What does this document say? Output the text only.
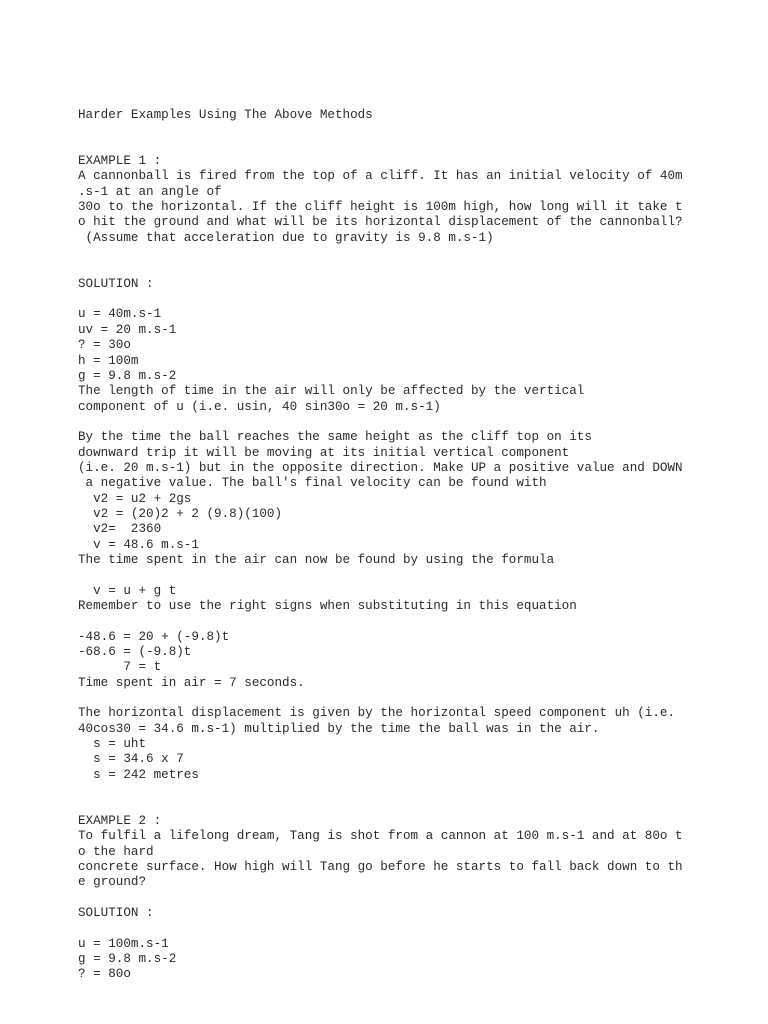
Harder Examples Using The Above Methods
EXAMPLE 1 :
A cannonball is fired from the top of a cliff. It has an initial velocity of 40m
.s-1 at an angle of
30o to the horizontal. If the cliff height is 100m high, how long will it take t
o hit the ground and what will be its horizontal displacement of the cannonball?
(Assume that acceleration due to gravity is 9.8 m.s-1)
SOLUTION :
u = 40m.s-1
uv = 20 m.s-1
? = 30o
h = 100m
g = 9.8 m.s-2
The length of time in the air will only be affected by the vertical
component of u (i.e. usin, 40 sin30o = 20 m.s-1)
By the time the ball reaches the same height as the cliff top on its
downward trip it will be moving at its initial vertical component
(i.e. 20 m.s-1) but in the opposite direction. Make UP a positive value and DOWN
a negative value. The ball's final velocity can be found with
v2 = u2 + 2gs
v2 = (20)2 + 2 (9.8)(100)
v2=  2360
v = 48.6 m.s-1
The time spent in the air can now be found by using the formula
v = u + g t
Remember to use the right signs when substituting in this equation
-48.6 = 20 + (-9.8)t
-68.6 = (-9.8)t
7 = t
Time spent in air = 7 seconds.
The horizontal displacement is given by the horizontal speed component uh (i.e.
40cos30 = 34.6 m.s-1) multiplied by the time the ball was in the air.
s = uht
s = 34.6 x 7
s = 242 metres
EXAMPLE 2 :
To fulfil a lifelong dream, Tang is shot from a cannon at 100 m.s-1 and at 80o t
o the hard
concrete surface. How high will Tang go before he starts to fall back down to th
e ground?
SOLUTION :
u = 100m.s-1
g = 9.8 m.s-2
? = 80o
